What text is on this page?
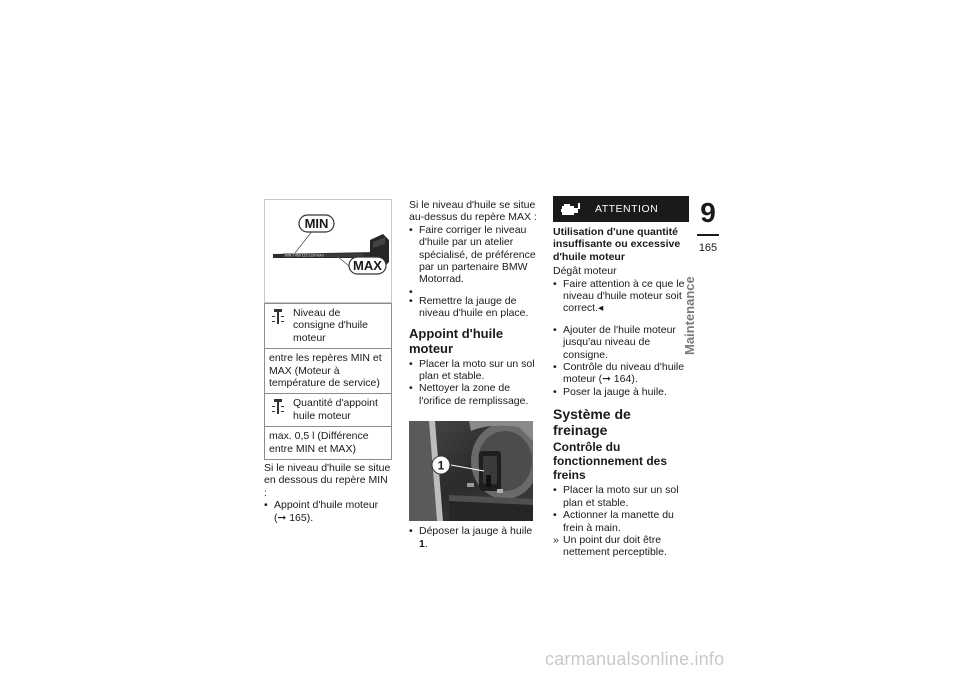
MIN
MAX
MIN 1 469 122 2130 MAX
Niveau de consigne d'huile moteur
entre les repères MIN et MAX (Moteur à température de service)
Quantité d'appoint huile moteur
max. 0,5 l (Différence entre MIN et MAX)

Si le niveau d'huile se situe en dessous du repère MIN :

• Appoint d'huile moteur (➞ 165).

Si le niveau d'huile se situe au-dessus du repère MAX :

• Faire corriger le niveau d'huile par un atelier spécialisé, de préférence par un partenaire BMW Motorrad.
•
• Remettre la jauge de niveau d'huile en place.
Appoint d'huile moteur
• Placer la moto sur un sol plan et stable.
• Nettoyer la zone de l'orifice de remplissage.
1
• Déposer la jauge à huile 1.
ATTENTION
Utilisation d'une quantité insuffisante ou excessive d'huile moteur

Dégât moteur

• Faire attention à ce que le niveau d'huile moteur soit correct.◂
• Ajouter de l'huile moteur jusqu'au niveau de consigne.
• Contrôle du niveau d'huile moteur (➞ 164).
• Poser la jauge à huile.
Système de freinage
Contrôle du fonctionnement des freins
• Placer la moto sur un sol plan et stable.
• Actionner la manette du frein à main.
» Un point dur doit être nettement perceptible.
9
165
Maintenance
carmanualsonline.info
